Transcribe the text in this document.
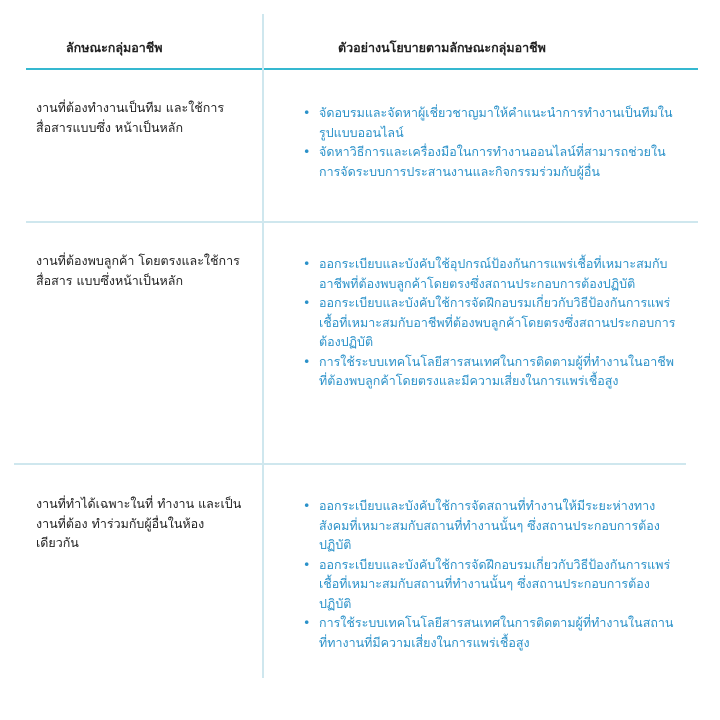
ลักษณะกลุ่มอาชีพ	ตัวอย่างนโยบายตามลักษณะกลุ่มอาชีพ
งานที่ต้องทำงานเป็นทีม และใช้การสื่อสารแบบซึ่ง หน้าเป็นหลัก
• จัดอบรมและจัดหาผู้เชี่ยวชาญมาให้คำแนะนำการทำงานเป็นทีมในรูปแบบออนไลน์
• จัดหาวิธีการและเครื่องมือในการทำงานออนไลน์ที่สามารถช่วยในการจัดระบบการประสานงานและกิจกรรมร่วมกับผู้อื่น
งานที่ต้องพบลูกค้า โดยตรงและใช้การสื่อสาร แบบซึ่งหน้าเป็นหลัก
• ออกระเบียบและบังคับใช้อุปกรณ์ป้องกันการแพร่เชื้อที่เหมาะสมกับอาชีพที่ต้องพบลูกค้าโดยตรงซึ่งสถานประกอบการต้องปฏิบัติ
• ออกระเบียบและบังคับใช้การจัดฝึกอบรมเกี่ยวกับวิธีป้องกันการแพร่เชื้อที่เหมาะสมกับอาชีพที่ต้องพบลูกค้าโดยตรงซึ่งสถานประกอบการต้องปฏิบัติ
• การใช้ระบบเทคโนโลยีสารสนเทศในการติดตามผู้ที่ทำงานในอาชีพที่ต้องพบลูกค้าโดยตรงและมีความเสี่ยงในการแพร่เชื้อสูง
งานที่ทำได้เฉพาะในที่ ทำงาน และเป็นงานที่ต้อง ทำร่วมกับผู้อื่นในห้อง เดียวกัน
• ออกระเบียบและบังคับใช้การจัดสถานที่ทำงานให้มีระยะห่างทางสังคมที่เหมาะสมกับสถานที่ทำงานนั้นๆ ซึ่งสถานประกอบการต้องปฏิบัติ
• ออกระเบียบและบังคับใช้การจัดฝึกอบรมเกี่ยวกับวิธีป้องกันการแพร่เชื้อที่เหมาะสมกับสถานที่ทำงานนั้นๆ ซึ่งสถานประกอบการต้องปฏิบัติ
• การใช้ระบบเทคโนโลยีสารสนเทศในการติดตามผู้ที่ทำงานในสถานที่ทางานที่มีความเสี่ยงในการแพร่เชื้อสูง
